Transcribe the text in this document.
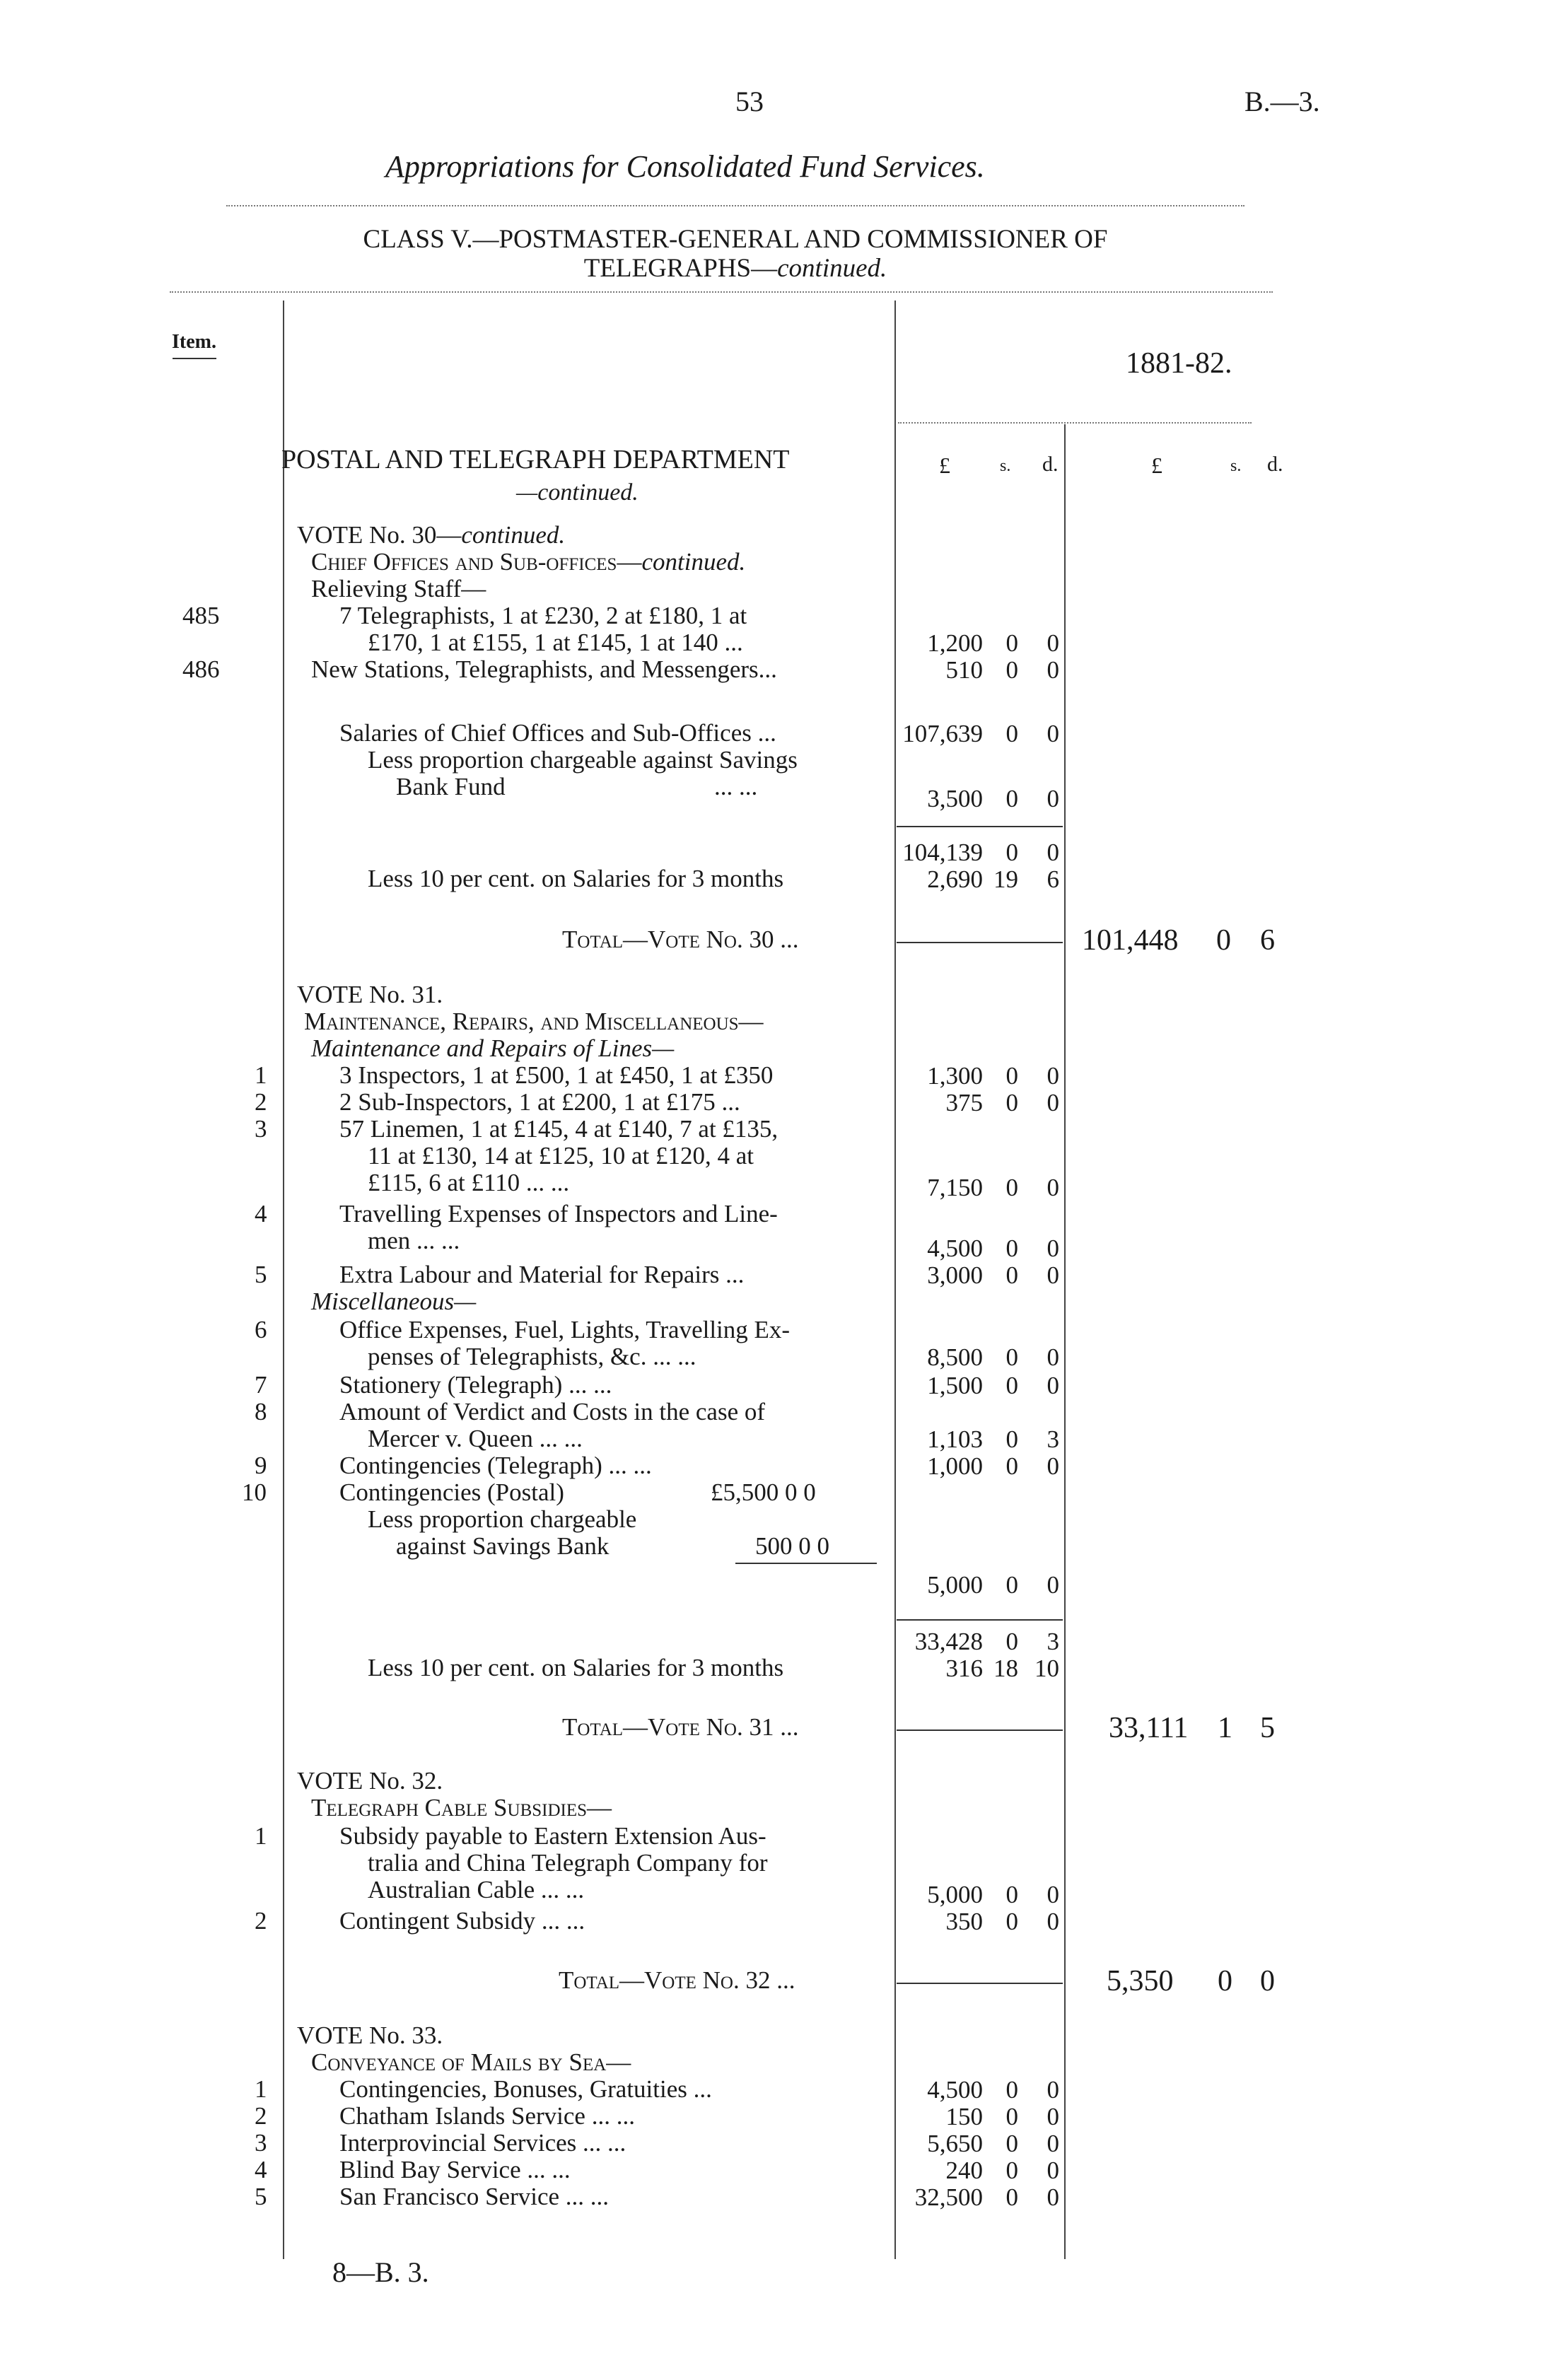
53	B.—3.
Appropriations for Consolidated Fund Services.
CLASS V.—POSTMASTER-GENERAL AND COMMISSIONER OF
TELEGRAPHS—continued.
Item.
1881-82.
POSTAL AND TELEGRAPH DEPARTMENT
—continued.
£	s. d.	£	s. d.
VOTE No. 30—continued.
Chief Offices and Sub-offices—continued.
Relieving Staff—
485	7 Telegraphists, 1 at £230, 2 at £180, 1 at
£170, 1 at £155, 1 at £145, 1 at 140 ...	1,200 0	0
486	New Stations, Telegraphists, and Messengers...	510 0	0
Salaries of Chief Offices and Sub-Offices ...	107,639 0	0
Less proportion chargeable against Savings
Bank Fund	... ...	3,500 0	0
104,139 0	0
Less 10 per cent. on Salaries for 3 months	2,690 19	6
Total—Vote No. 30 ...	101,448 0 6
VOTE No. 31.
Maintenance, Repairs, and Miscellaneous—
Maintenance and Repairs of Lines—
1	3 Inspectors, 1 at £500, 1 at £450, 1 at £350	1,300 0	0
2	2 Sub-Inspectors, 1 at £200, 1 at £175 ...	375 0	0
3	57 Linemen, 1 at £145, 4 at £140, 7 at £135,
11 at £130, 14 at £125, 10 at £120, 4 at
£115, 6 at £110 ... ...	7,150 0	0
4	Travelling Expenses of Inspectors and Line-
men ... ...	4,500 0	0
5	Extra Labour and Material for Repairs ...	3,000 0	0
Miscellaneous—
6	Office Expenses, Fuel, Lights, Travelling Ex-
penses of Telegraphists, &c. ... ...	8,500 0	0
7	Stationery (Telegraph) ... ...	1,500 0	0
8	Amount of Verdict and Costs in the case of
Mercer v. Queen ... ...	1,103 0	3
9	Contingencies (Telegraph) ... ...	1,000 0	0
10	Contingencies (Postal)	£5,500 0 0
Less proportion chargeable
against Savings Bank	500 0 0
5,000 0	0
33,428 0	3
Less 10 per cent. on Salaries for 3 months	316 18 10
Total—Vote No. 31 ...	33,111 1 5
VOTE No. 32.
Telegraph Cable Subsidies—
1	Subsidy payable to Eastern Extension Aus-
tralia and China Telegraph Company for
Australian Cable ... ...	5,000 0	0
2	Contingent Subsidy ... ...	350 0	0
Total—Vote No. 32 ...	5,350 0 0
VOTE No. 33.
Conveyance of Mails by Sea—
1	Contingencies, Bonuses, Gratuities ...	4,500 0	0
2	Chatham Islands Service ... ...	150 0	0
3	Interprovincial Services ... ...	5,650 0	0
4	Blind Bay Service ... ...	240 0	0
5	San Francisco Service ... ...	32,500 0	0
8—B. 3.
